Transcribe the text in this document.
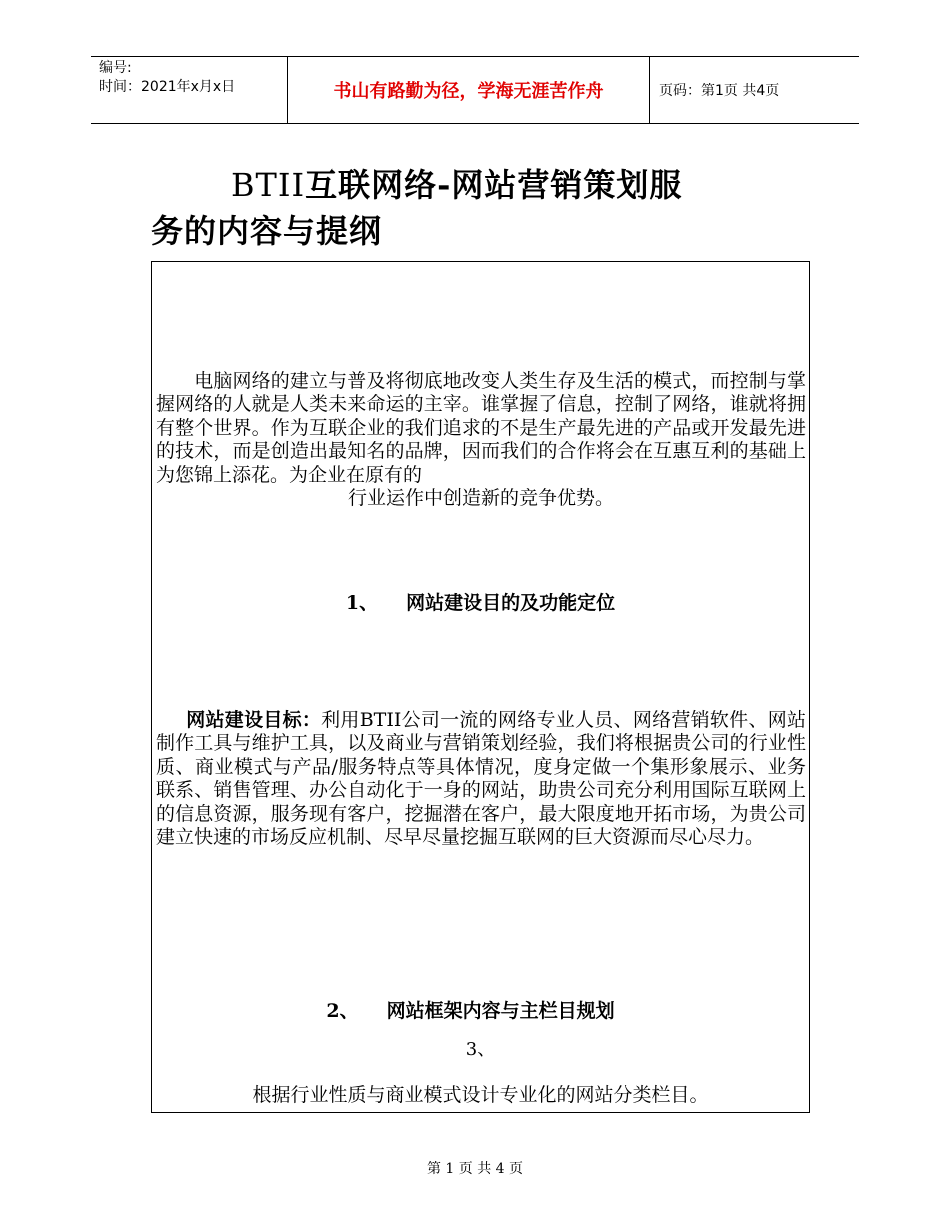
编号:
时间：2021年x月x日	书山有路勤为径，学海无涯苦作舟	页码：第1页 共4页
BTII互联网络-网站营销策划服
务的内容与提纲
　　电脑网络的建立与普及将彻底地改变人类生存及生活的模式，而控制与掌握网络的人就是人类未来命运的主宰。谁掌握了信息，控制了网络，谁就将拥有整个世界。作为互联企业的我们追求的不是生产最先进的产品或开发最先进的技术，而是创造出最知名的品牌，因而我们的合作将会在互惠互利的基础上为您锦上添花。为企业在原有的
行业运作中创造新的竞争优势。
1、 网站建设目的及功能定位
网站建设目标：利用BTII公司一流的网络专业人员、网络营销软件、网站制作工具与维护工具，以及商业与营销策划经验，我们将根据贵公司的行业性质、商业模式与产品/服务特点等具体情况，度身定做一个集形象展示、业务联系、销售管理、办公自动化于一身的网站，助贵公司充分利用国际互联网上的信息资源，服务现有客户，挖掘潜在客户，最大限度地开拓市场，为贵公司建立快速的市场反应机制、尽早尽量挖掘互联网的巨大资源而尽心尽力。
2、 网站框架内容与主栏目规划
3、
根据行业性质与商业模式设计专业化的网站分类栏目。
第 1 页 共 4 页
